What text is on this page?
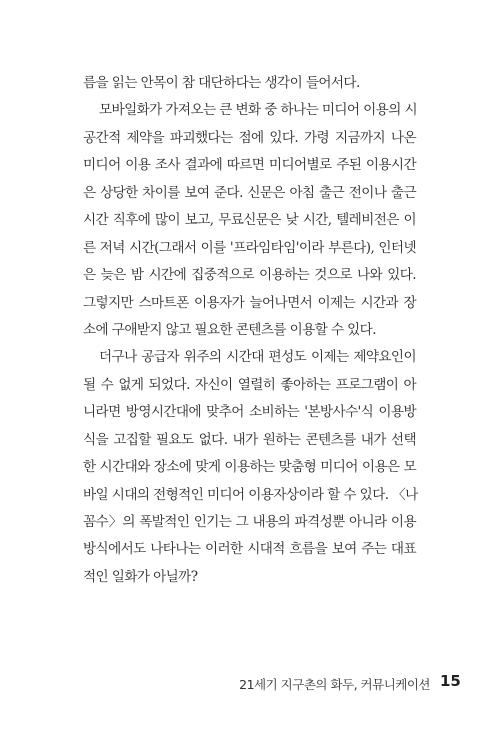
름을 읽는 안목이 참 대단하다는 생각이 들어서다.
모바일화가 가져오는 큰 변화 중 하나는 미디어 이용의 시
공간적 제약을 파괴했다는 점에 있다. 가령 지금까지 나온
미디어 이용 조사 결과에 따르면 미디어별로 주된 이용시간
은 상당한 차이를 보여 준다. 신문은 아침 출근 전이나 출근
시간 직후에 많이 보고, 무료신문은 낮 시간, 텔레비전은 이
른 저녁 시간(그래서 이를 '프라임타임'이라 부른다), 인터넷
은 늦은 밤 시간에 집중적으로 이용하는 것으로 나와 있다.
그렇지만 스마트폰 이용자가 늘어나면서 이제는 시간과 장
소에 구애받지 않고 필요한 콘텐츠를 이용할 수 있다.
더구나 공급자 위주의 시간대 편성도 이제는 제약요인이
될 수 없게 되었다. 자신이 열렬히 좋아하는 프로그램이 아
니라면 방영시간대에 맞추어 소비하는 '본방사수'식 이용방
식을 고집할 필요도 없다. 내가 원하는 콘텐츠를 내가 선택
한 시간대와 장소에 맞게 이용하는 맞춤형 미디어 이용은 모
바일 시대의 전형적인 미디어 이용자상이라 할 수 있다. 〈나
꼼수〉의 폭발적인 인기는 그 내용의 파격성뿐 아니라 이용
방식에서도 나타나는 이러한 시대적 흐름을 보여 주는 대표
적인 일화가 아닐까?
21세기 지구촌의 화두, 커뮤니케이션 15
